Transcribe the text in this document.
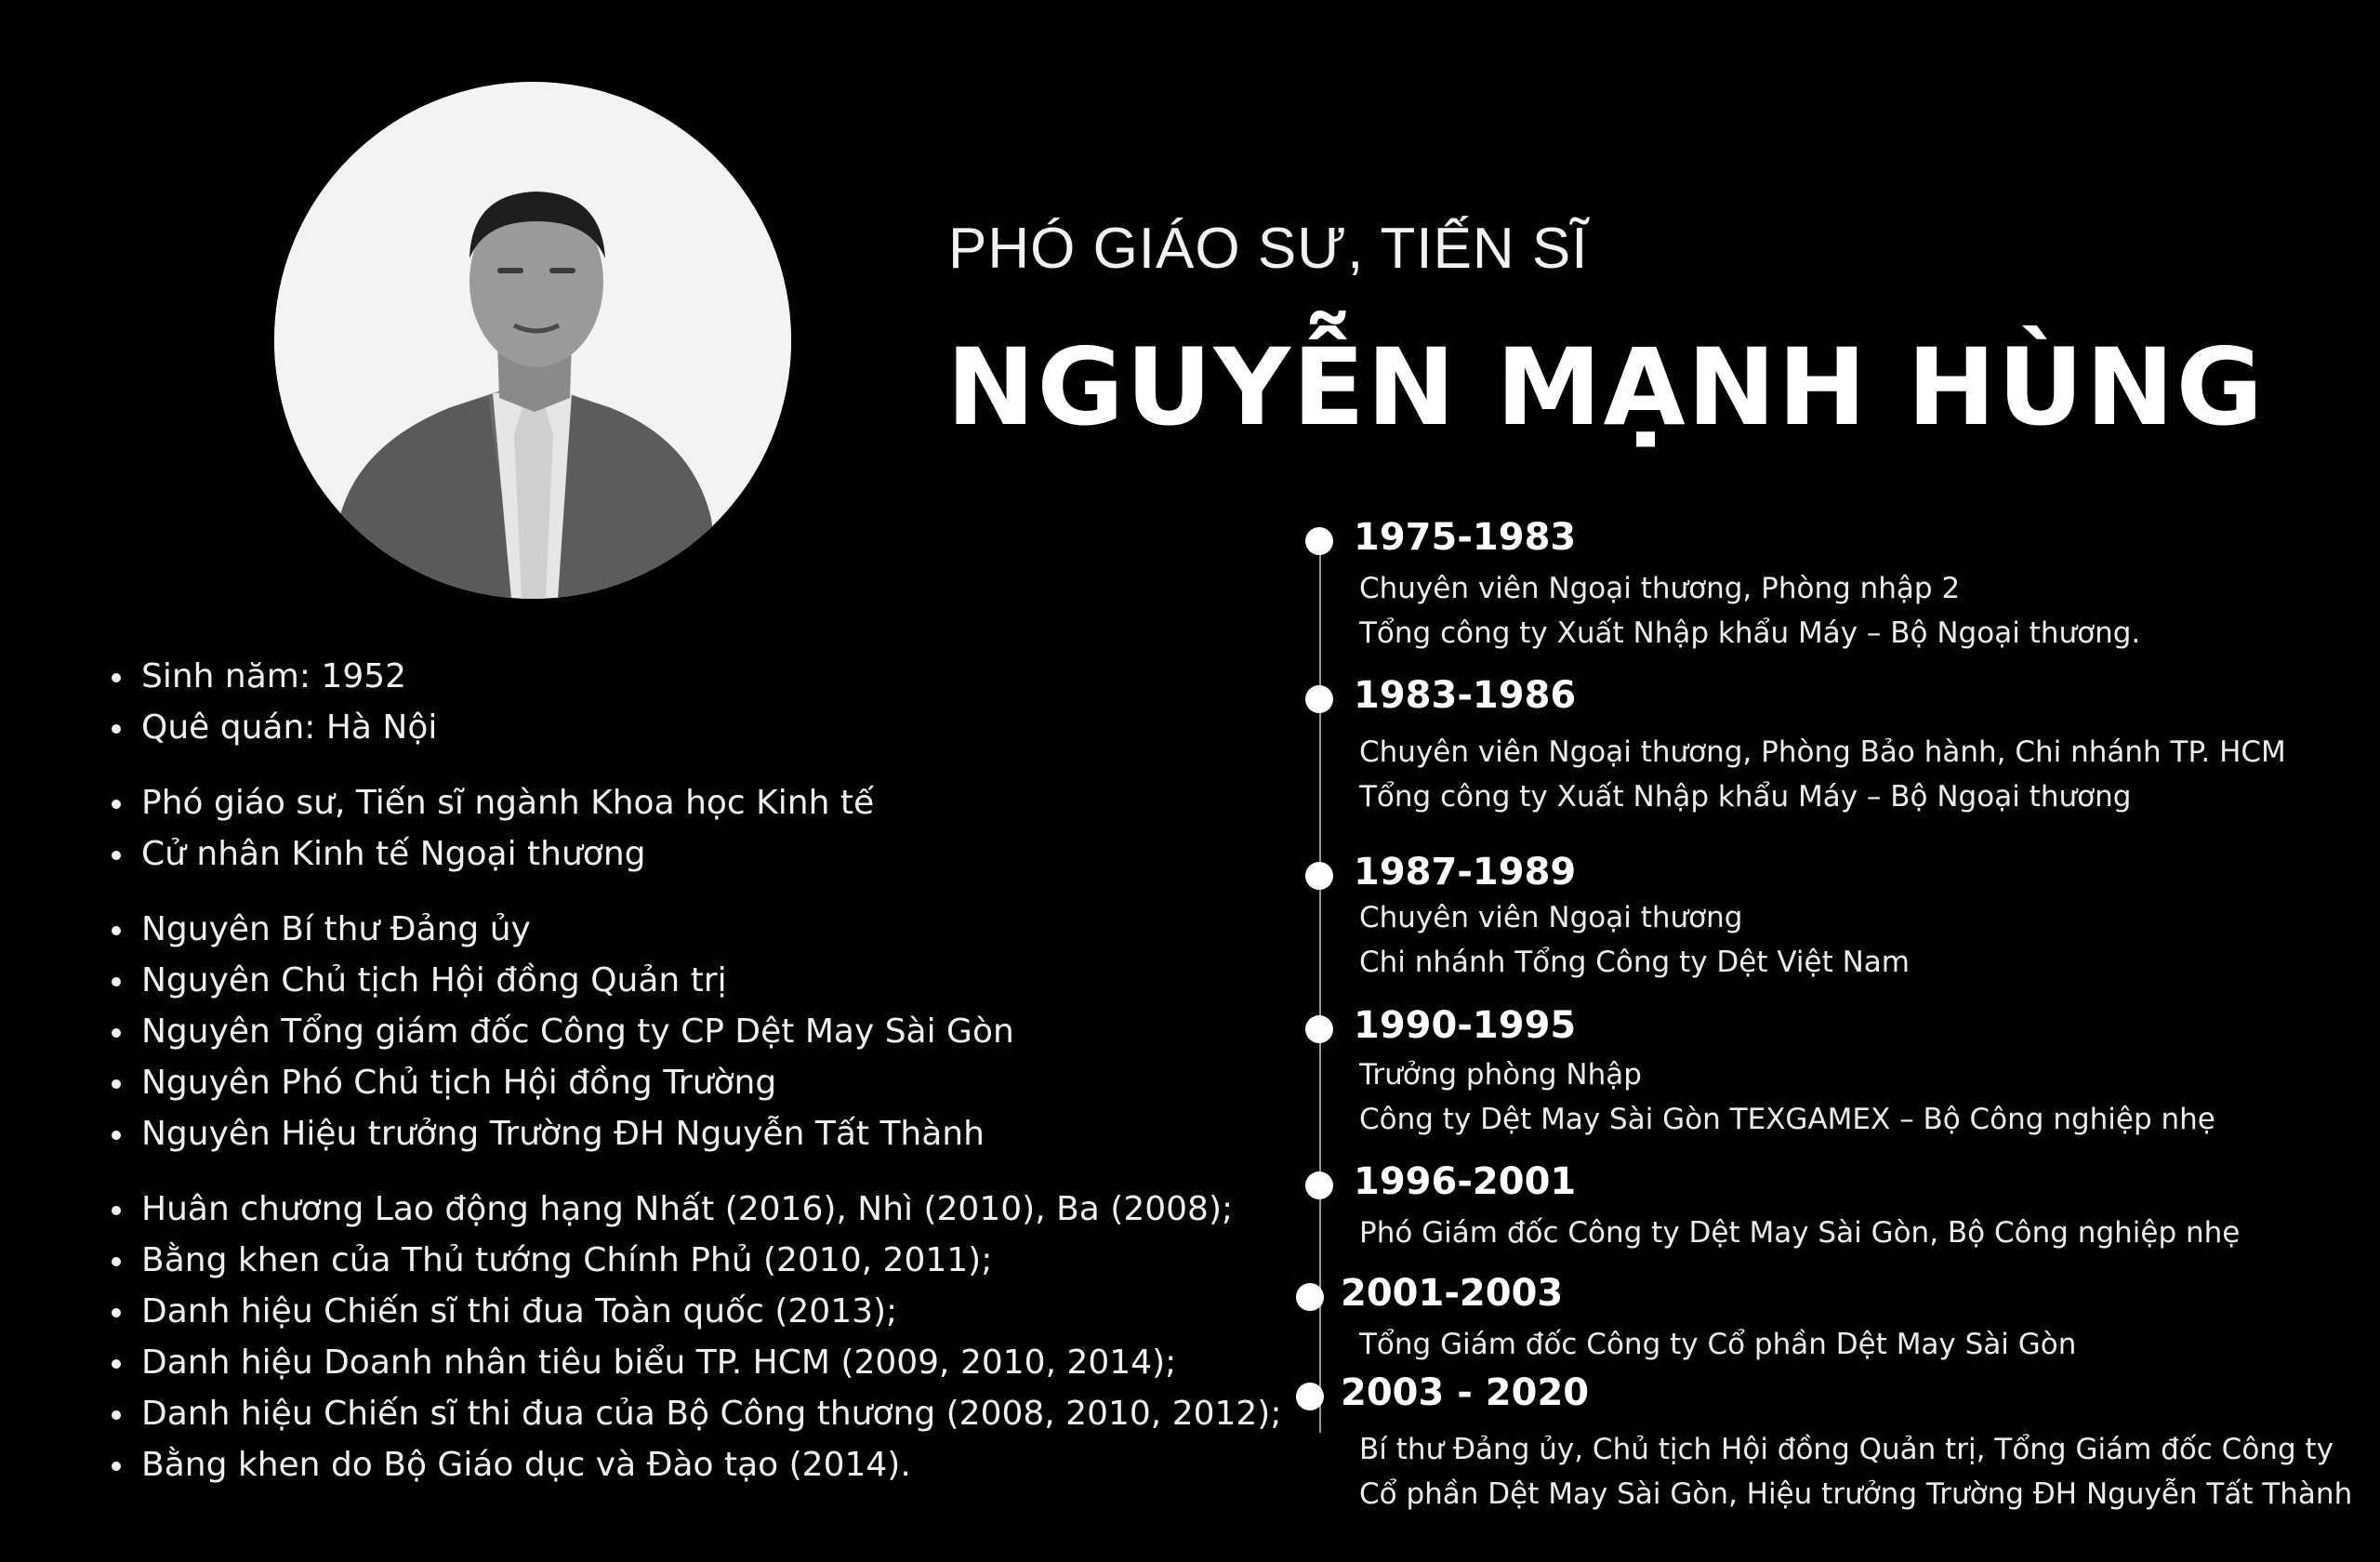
PHÓ GIÁO SƯ, TIẾN SĨ
NGUYỄN MẠNH HÙNG
Sinh năm: 1952
Quê quán: Hà Nội
Phó giáo sư, Tiến sĩ ngành Khoa học Kinh tế
Cử nhân Kinh tế Ngoại thương
Nguyên Bí thư Đảng ủy
Nguyên Chủ tịch Hội đồng Quản trị
Nguyên Tổng giám đốc Công ty CP Dệt May Sài Gòn
Nguyên Phó Chủ tịch Hội đồng Trường
Nguyên Hiệu trưởng Trường ĐH Nguyễn Tất Thành
Huân chương Lao động hạng Nhất (2016), Nhì (2010), Ba (2008);
Bằng khen của Thủ tướng Chính Phủ (2010, 2011);
Danh hiệu Chiến sĩ thi đua Toàn quốc (2013);
Danh hiệu Doanh nhân tiêu biểu TP. HCM (2009, 2010, 2014);
Danh hiệu Chiến sĩ thi đua của Bộ Công thương (2008, 2010, 2012);
Bằng khen do Bộ Giáo dục và Đào tạo (2014).
1975-1983
Chuyên viên Ngoại thương, Phòng nhập 2
Tổng công ty Xuất Nhập khẩu Máy – Bộ Ngoại thương.
1983-1986
Chuyên viên Ngoại thương, Phòng Bảo hành, Chi nhánh TP. HCM
Tổng công ty Xuất Nhập khẩu Máy – Bộ Ngoại thương
1987-1989
Chuyên viên Ngoại thương
Chi nhánh Tổng Công ty Dệt Việt Nam
1990-1995
Trưởng phòng Nhập
Công ty Dệt May Sài Gòn TEXGAMEX – Bộ Công nghiệp nhẹ
1996-2001
Phó Giám đốc Công ty Dệt May Sài Gòn, Bộ Công nghiệp nhẹ
2001-2003
Tổng Giám đốc Công ty Cổ phần Dệt May Sài Gòn
2003 - 2020
Bí thư Đảng ủy, Chủ tịch Hội đồng Quản trị, Tổng Giám đốc Công ty
Cổ phần Dệt May Sài Gòn, Hiệu trưởng Trường ĐH Nguyễn Tất Thành
